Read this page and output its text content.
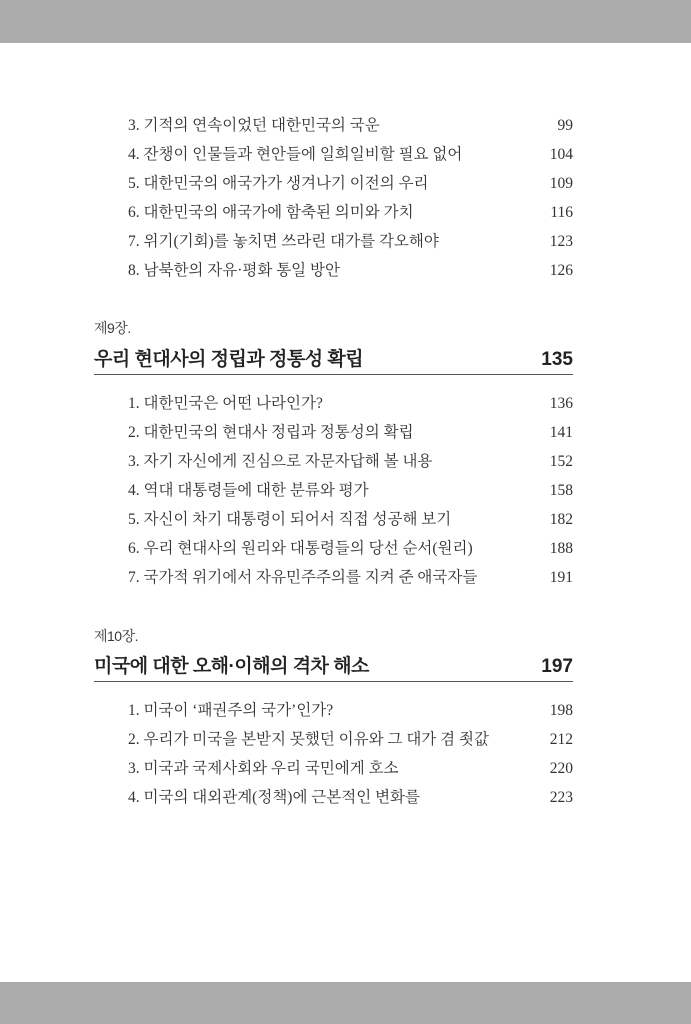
3. 기적의 연속이었던 대한민국의 국운	99
4. 잔챙이 인물들과 현안들에 일희일비할 필요 없어	104
5. 대한민국의 애국가가 생겨나기 이전의 우리	109
6. 대한민국의 애국가에 함축된 의미와 가치	116
7. 위기(기회)를 놓치면 쓰라린 대가를 각오해야	123
8. 남북한의 자유·평화 통일 방안	126
제9장.
우리 현대사의 정립과 정통성 확립	135
1. 대한민국은 어떤 나라인가?	136
2. 대한민국의 현대사 정립과 정통성의 확립	141
3. 자기 자신에게 진심으로 자문자답해 볼 내용	152
4. 역대 대통령들에 대한 분류와 평가	158
5. 자신이 차기 대통령이 되어서 직접 성공해 보기	182
6. 우리 현대사의 원리와 대통령들의 당선 순서(원리)	188
7. 국가적 위기에서 자유민주주의를 지켜 준 애국자들	191
제10장.
미국에 대한 오해·이해의 격차 해소	197
1. 미국이 ‘패권주의 국가’인가?	198
2. 우리가 미국을 본받지 못했던 이유와 그 대가 겸 죗값	212
3. 미국과 국제사회와 우리 국민에게 호소	220
4. 미국의 대외관계(정책)에 근본적인 변화를	223
